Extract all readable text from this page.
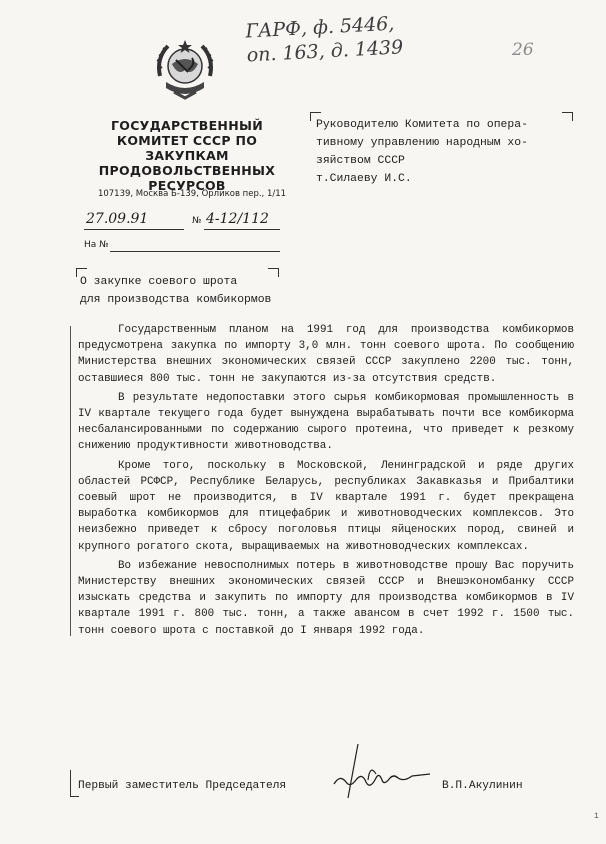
ГАРФ, ф. 5446,
оп. 163, д. 1439	26
ГОСУДАРСТВЕННЫЙ
КОМИТЕТ СССР ПО ЗАКУПКАМ
ПРОДОВОЛЬСТВЕННЫХ РЕСУРСОВ
107139, Москва Б-139, Орликов пер., 1/11
27.09.91	№ 4-12/112
На №
Руководителю Комитета по опера-
тивному управлению народным хо-
зяйством СССР
т.Силаеву И.С.
О закупке соевого шрота
для производства комбикормов

Государственным планом на 1991 год для производства комбикормов предусмотрена закупка по импорту 3,0 млн. тонн соевого шрота. По сообщению Министерства внешних экономических связей СССР закуплено 2200 тыс. тонн, оставшиеся 800 тыс. тонн не закупаются из-за отсутствия средств.

В результате недопоставки этого сырья комбикормовая промышленность в IV квартале текущего года будет вынуждена вырабатывать почти все комбикорма несбалансированными по содержанию сырого протеина, что приведет к резкому снижению продуктивности животноводства.

Кроме того, поскольку в Московской, Ленинградской и ряде других областей РСФСР, Республике Беларусь, республиках Закавказья и Прибалтики соевый шрот не производится, в IV квартале 1991 г. будет прекращена выработка комбикормов для птицефабрик и животноводческих комплексов. Это неизбежно приведет к сбросу поголовья птицы яйценоских пород, свиней и крупного рогатого скота, выращиваемых на животноводческих комплексах.

Во избежание невосполнимых потерь в животноводстве прошу Вас поручить Министерству внешних экономических связей СССР и Внешэкономбанку СССР изыскать средства и закупить по импорту для производства комбикормов в IV квартале 1991 г. 800 тыс. тонн, а также авансом в счет 1992 г. 1500 тыс. тонн соевого шрота с поставкой до I января 1992 года.

Первый заместитель Председателя	В.П.Акулинин
1
